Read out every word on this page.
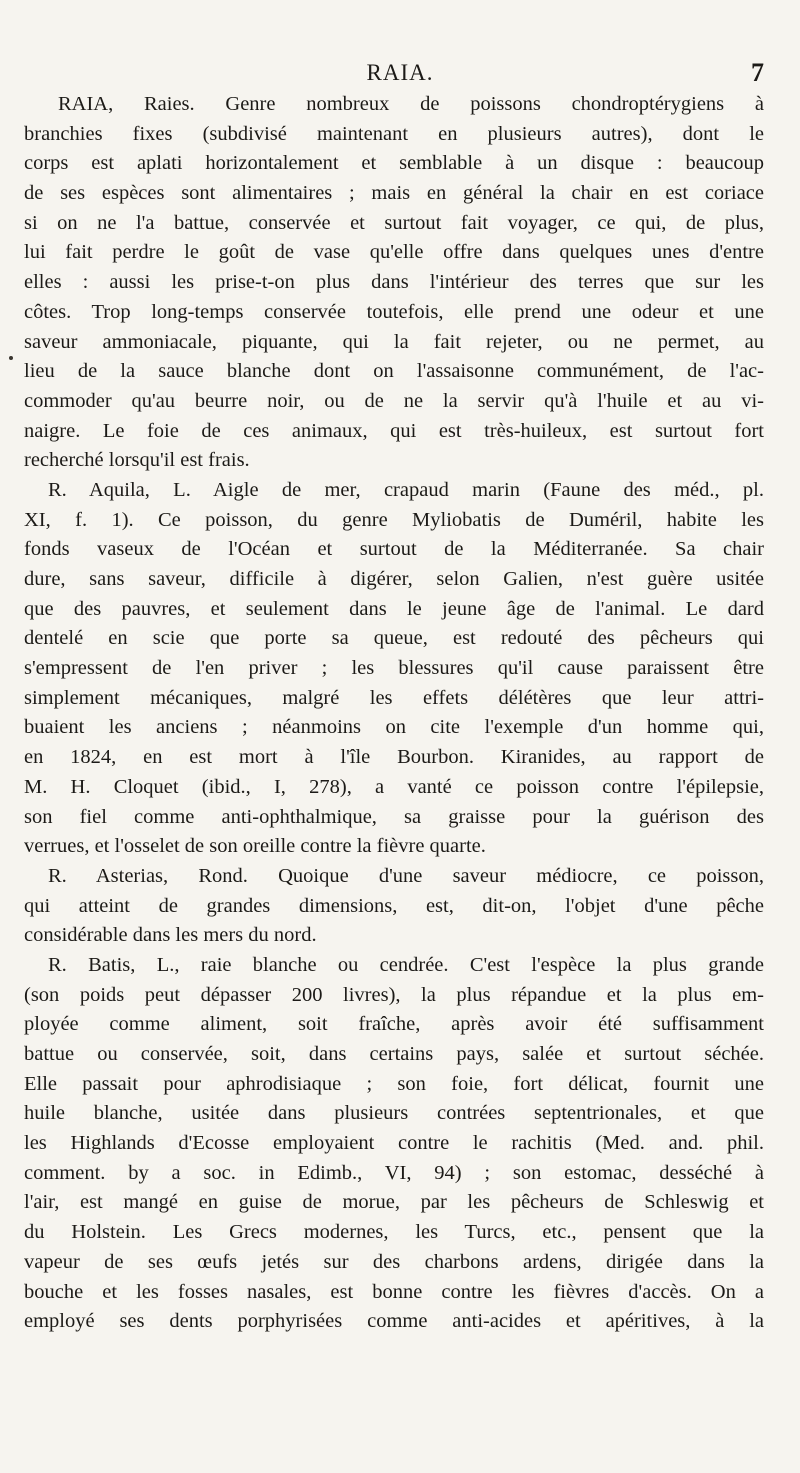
RAIA.	7
RAIA, Raies. Genre nombreux de poissons chondroptérygiens à
branchies fixes (subdivisé maintenant en plusieurs autres), dont le
corps est aplati horizontalement et semblable à un disque : beaucoup
de ses espèces sont alimentaires ; mais en général la chair en est coriace
si on ne l'a battue, conservée et surtout fait voyager, ce qui, de plus,
lui fait perdre le goût de vase qu'elle offre dans quelques unes d'entre
elles : aussi les prise-t-on plus dans l'intérieur des terres que sur les
côtes. Trop long-temps conservée toutefois, elle prend une odeur et une
saveur ammoniacale, piquante, qui la fait rejeter, ou ne permet, au
lieu de la sauce blanche dont on l'assaisonne communément, de l'ac-
commoder qu'au beurre noir, ou de ne la servir qu'à l'huile et au vi-
naigre. Le foie de ces animaux, qui est très-huileux, est surtout fort
recherché lorsqu'il est frais.
R. Aquila, L. Aigle de mer, crapaud marin (Faune des méd., pl.
XI, f. 1). Ce poisson, du genre Myliobatis de Duméril, habite les
fonds vaseux de l'Océan et surtout de la Méditerranée. Sa chair
dure, sans saveur, difficile à digérer, selon Galien, n'est guère usitée
que des pauvres, et seulement dans le jeune âge de l'animal. Le dard
dentelé en scie que porte sa queue, est redouté des pêcheurs qui
s'empressent de l'en priver ; les blessures qu'il cause paraissent être
simplement mécaniques, malgré les effets délétères que leur attri-
buaient les anciens ; néanmoins on cite l'exemple d'un homme qui,
en 1824, en est mort à l'île Bourbon. Kiranides, au rapport de
M. H. Cloquet (ibid., I, 278), a vanté ce poisson contre l'épilepsie,
son fiel comme anti-ophthalmique, sa graisse pour la guérison des
verrues, et l'osselet de son oreille contre la fièvre quarte.
R. Asterias, Rond. Quoique d'une saveur médiocre, ce poisson,
qui atteint de grandes dimensions, est, dit-on, l'objet d'une pêche
considérable dans les mers du nord.
R. Batis, L., raie blanche ou cendrée. C'est l'espèce la plus grande
(son poids peut dépasser 200 livres), la plus répandue et la plus em-
ployée comme aliment, soit fraîche, après avoir été suffisamment
battue ou conservée, soit, dans certains pays, salée et surtout séchée.
Elle passait pour aphrodisiaque ; son foie, fort délicat, fournit une
huile blanche, usitée dans plusieurs contrées septentrionales, et que
les Highlands d'Ecosse employaient contre le rachitis (Med. and. phil.
comment. by a soc. in Edimb., VI, 94) ; son estomac, desséché à
l'air, est mangé en guise de morue, par les pêcheurs de Schleswig et
du Holstein. Les Grecs modernes, les Turcs, etc., pensent que la
vapeur de ses œufs jetés sur des charbons ardens, dirigée dans la
bouche et les fosses nasales, est bonne contre les fièvres d'accès. On a
employé ses dents porphyrisées comme anti-acides et apéritives, à la
